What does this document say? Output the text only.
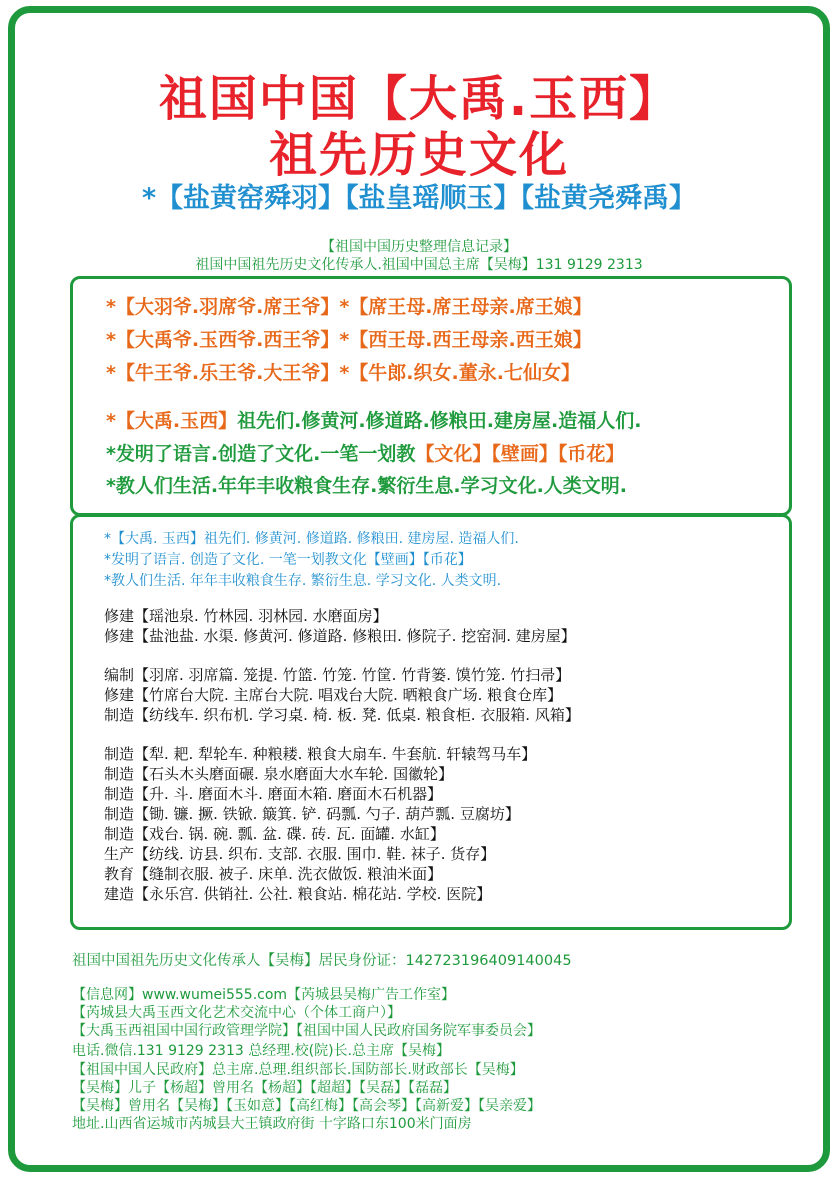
祖国中国【大禹.玉西】
祖先历史文化
*【盐黄窑舜羽】【盐皇瑶顺玉】【盐黄尧舜禹】
【祖国中国历史整理信息记录】
祖国中国祖先历史文化传承人.祖国中国总主席【吴梅】131 9129 2313
*【大羽爷.羽席爷.席王爷】*【席王母.席王母亲.席王娘】
*【大禹爷.玉西爷.西王爷】*【西王母.西王母亲.西王娘】
*【牛王爷.乐王爷.大王爷】*【牛郎.织女.董永.七仙女】
*【大禹.玉西】祖先们.修黄河.修道路.修粮田.建房屋.造福人们.
*发明了语言.创造了文化.一笔一划教【文化】【壁画】【币花】
*教人们生活.年年丰收粮食生存.繁衍生息.学习文化.人类文明.
*【大禹. 玉西】祖先们. 修黄河. 修道路. 修粮田. 建房屋. 造福人们.
*发明了语言. 创造了文化. 一笔一划教文化【壁画】【币花】
*教人们生活. 年年丰收粮食生存. 繁衍生息. 学习文化. 人类文明.
修建【瑶池泉. 竹林园. 羽林园. 水磨面房】
修建【盐池盐. 水渠. 修黄河. 修道路. 修粮田. 修院子. 挖窑洞. 建房屋】
编制【羽席. 羽席篇. 笼提. 竹篮. 竹笼. 竹筐. 竹背篓. 馍竹笼. 竹扫帚】
修建【竹席台大院. 主席台大院. 唱戏台大院. 晒粮食广场. 粮食仓库】
制造【纺线车. 织布机. 学习桌. 椅. 板. 凳. 低桌. 粮食柜. 衣服箱. 风箱】
制造【犁. 耙. 犁轮车. 种粮耧. 粮食大扇车. 牛套航. 轩辕驾马车】
制造【石头木头磨面碾. 泉水磨面大水车轮. 国徽轮】
制造【升. 斗. 磨面木斗. 磨面木箱. 磨面木石机器】
制造【锄. 镰. 撅. 铁锨. 簸箕. 铲. 码瓢. 勺子. 葫芦瓢. 豆腐坊】
制造【戏台. 锅. 碗. 瓢. 盆. 碟. 砖. 瓦. 面罐. 水缸】
生产【纺线. 访县. 织布. 支部. 衣服. 围巾. 鞋. 袜子. 货存】
教育【缝制衣服. 被子. 床单. 洗衣做饭. 粮油米面】
建造【永乐宫. 供销社. 公社. 粮食站. 棉花站. 学校. 医院】
祖国中国祖先历史文化传承人【吴梅】居民身份证：142723196409140045
【信息网】www.wumei555.com【芮城县吴梅广告工作室】
【芮城县大禹玉西文化艺术交流中心（个体工商户）】
【大禹玉西祖国中国行政管理学院】【祖国中国人民政府国务院军事委员会】
电话.微信.131 9129 2313 总经理.校(院)长.总主席【吴梅】
【祖国中国人民政府】总主席.总理.组织部长.国防部长.财政部长【吴梅】
【吴梅】儿子【杨超】曾用名【杨超】【超超】【吴磊】【磊磊】
【吴梅】曾用名【吴梅】【玉如意】【高红梅】【高会琴】【高新爱】【吴亲爱】
地址.山西省运城市芮城县大王镇政府街 十字路口东100米门面房
